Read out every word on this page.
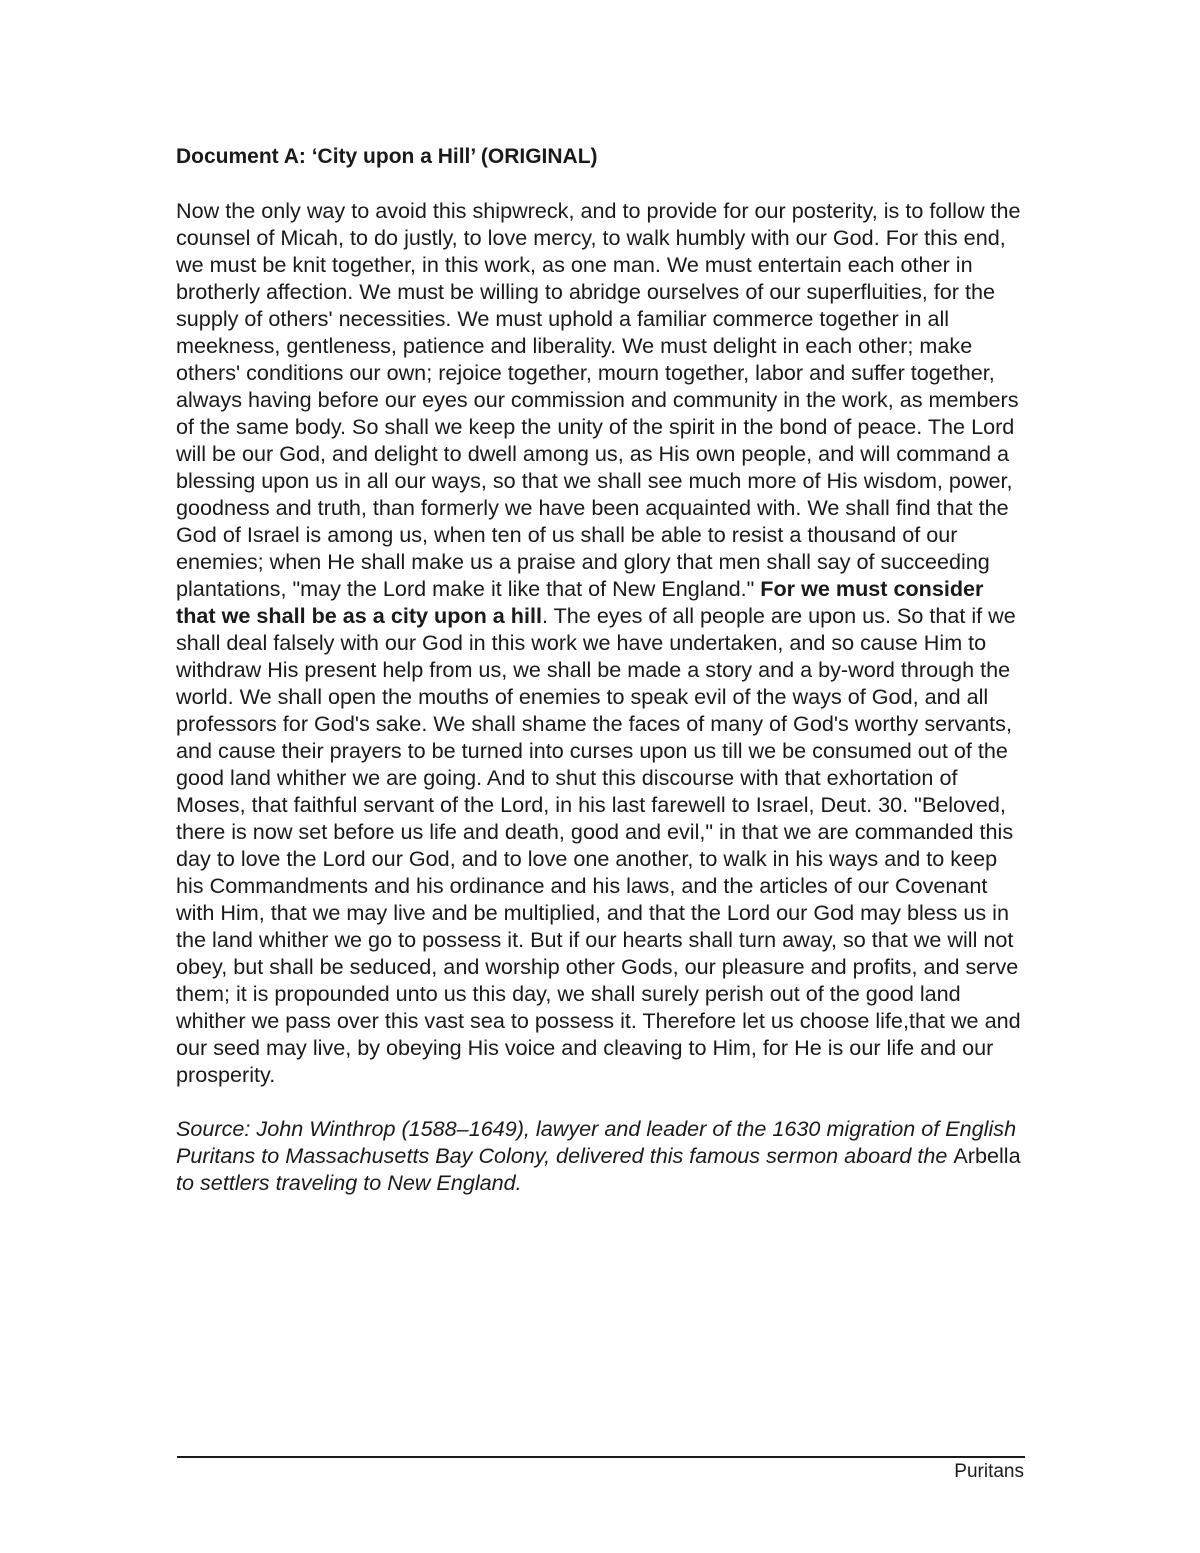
Document A: ‘City upon a Hill’ (ORIGINAL)

Now the only way to avoid this shipwreck, and to provide for our posterity, is to follow the counsel of Micah, to do justly, to love mercy, to walk humbly with our God. For this end, we must be knit together, in this work, as one man. We must entertain each other in brotherly affection. We must be willing to abridge ourselves of our superfluities, for the supply of others' necessities. We must uphold a familiar commerce together in all meekness, gentleness, patience and liberality. We must delight in each other; make others' conditions our own; rejoice together, mourn together, labor and suffer together, always having before our eyes our commission and community in the work, as members of the same body. So shall we keep the unity of the spirit in the bond of peace. The Lord will be our God, and delight to dwell among us, as His own people, and will command a blessing upon us in all our ways, so that we shall see much more of His wisdom, power, goodness and truth, than formerly we have been acquainted with. We shall find that the God of Israel is among us, when ten of us shall be able to resist a thousand of our enemies; when He shall make us a praise and glory that men shall say of succeeding plantations, "may the Lord make it like that of New England." For we must consider that we shall be as a city upon a hill. The eyes of all people are upon us. So that if we shall deal falsely with our God in this work we have undertaken, and so cause Him to withdraw His present help from us, we shall be made a story and a by-word through the world. We shall open the mouths of enemies to speak evil of the ways of God, and all professors for God's sake. We shall shame the faces of many of God's worthy servants, and cause their prayers to be turned into curses upon us till we be consumed out of the good land whither we are going. And to shut this discourse with that exhortation of Moses, that faithful servant of the Lord, in his last farewell to Israel, Deut. 30. "Beloved, there is now set before us life and death, good and evil," in that we are commanded this day to love the Lord our God, and to love one another, to walk in his ways and to keep his Commandments and his ordinance and his laws, and the articles of our Covenant with Him, that we may live and be multiplied, and that the Lord our God may bless us in the land whither we go to possess it. But if our hearts shall turn away, so that we will not obey, but shall be seduced, and worship other Gods, our pleasure and profits, and serve them; it is propounded unto us this day, we shall surely perish out of the good land whither we pass over this vast sea to possess it. Therefore let us choose life,that we and our seed may live, by obeying His voice and cleaving to Him, for He is our life and our prosperity.

Source: John Winthrop (1588–1649), lawyer and leader of the 1630 migration of English Puritans to Massachusetts Bay Colony, delivered this famous sermon aboard the Arbella to settlers traveling to New England.

Puritans
